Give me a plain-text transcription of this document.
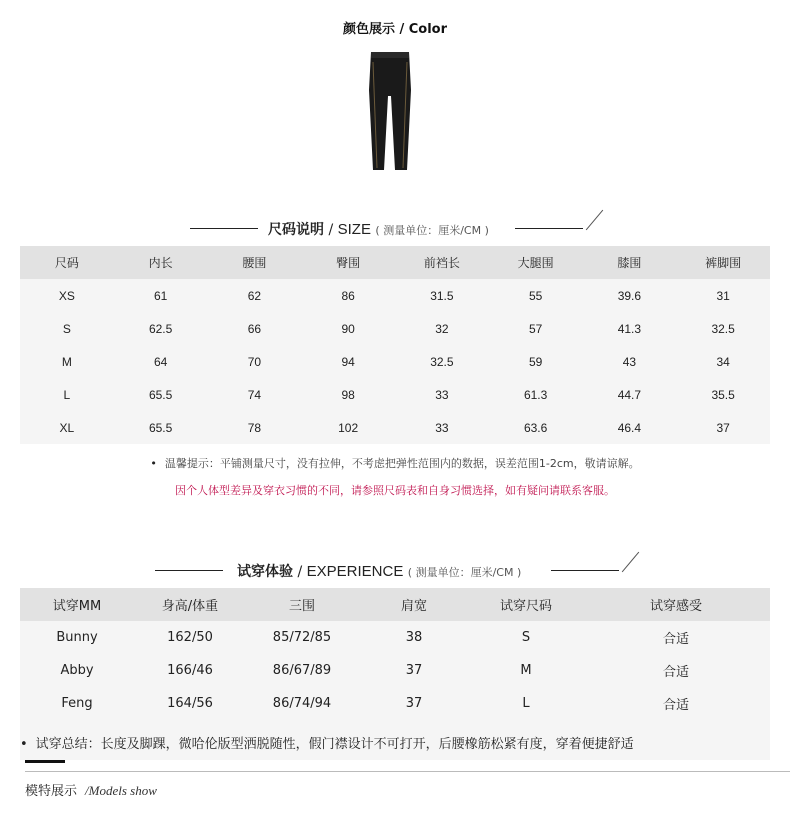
颜色展示 / Color
尺码说明 / SIZE ( 测量单位：厘米/CM )
尺码	内长	腰围	臀围	前裆长	大腿围	膝围	裤脚围
XS	61	62	86	31.5	55	39.6	31
S	62.5	66	90	32	57	41.3	32.5
M	64	70	94	32.5	59	43	34
L	65.5	74	98	33	61.3	44.7	35.5
XL	65.5	78	102	33	63.6	46.4	37
• 温馨提示：平铺测量尺寸，没有拉伸，不考虑把弹性范围内的数据，误差范围1-2cm，敬请谅解。
因个人体型差异及穿衣习惯的不同，请参照尺码表和自身习惯选择，如有疑问请联系客服。
试穿体验 / EXPERIENCE ( 测量单位：厘米/CM )
试穿MM	身高/体重	三围	肩宽	试穿尺码	试穿感受
Bunny	162/50	85/72/85	38	S	合适
Abby	166/46	86/67/89	37	M	合适
Feng	164/56	86/74/94	37	L	合适
• 试穿总结：长度及脚踝，微哈伦版型洒脱随性，假门襟设计不可打开，后腰橡筋松紧有度，穿着便捷舒适
模特展示 /Models show
